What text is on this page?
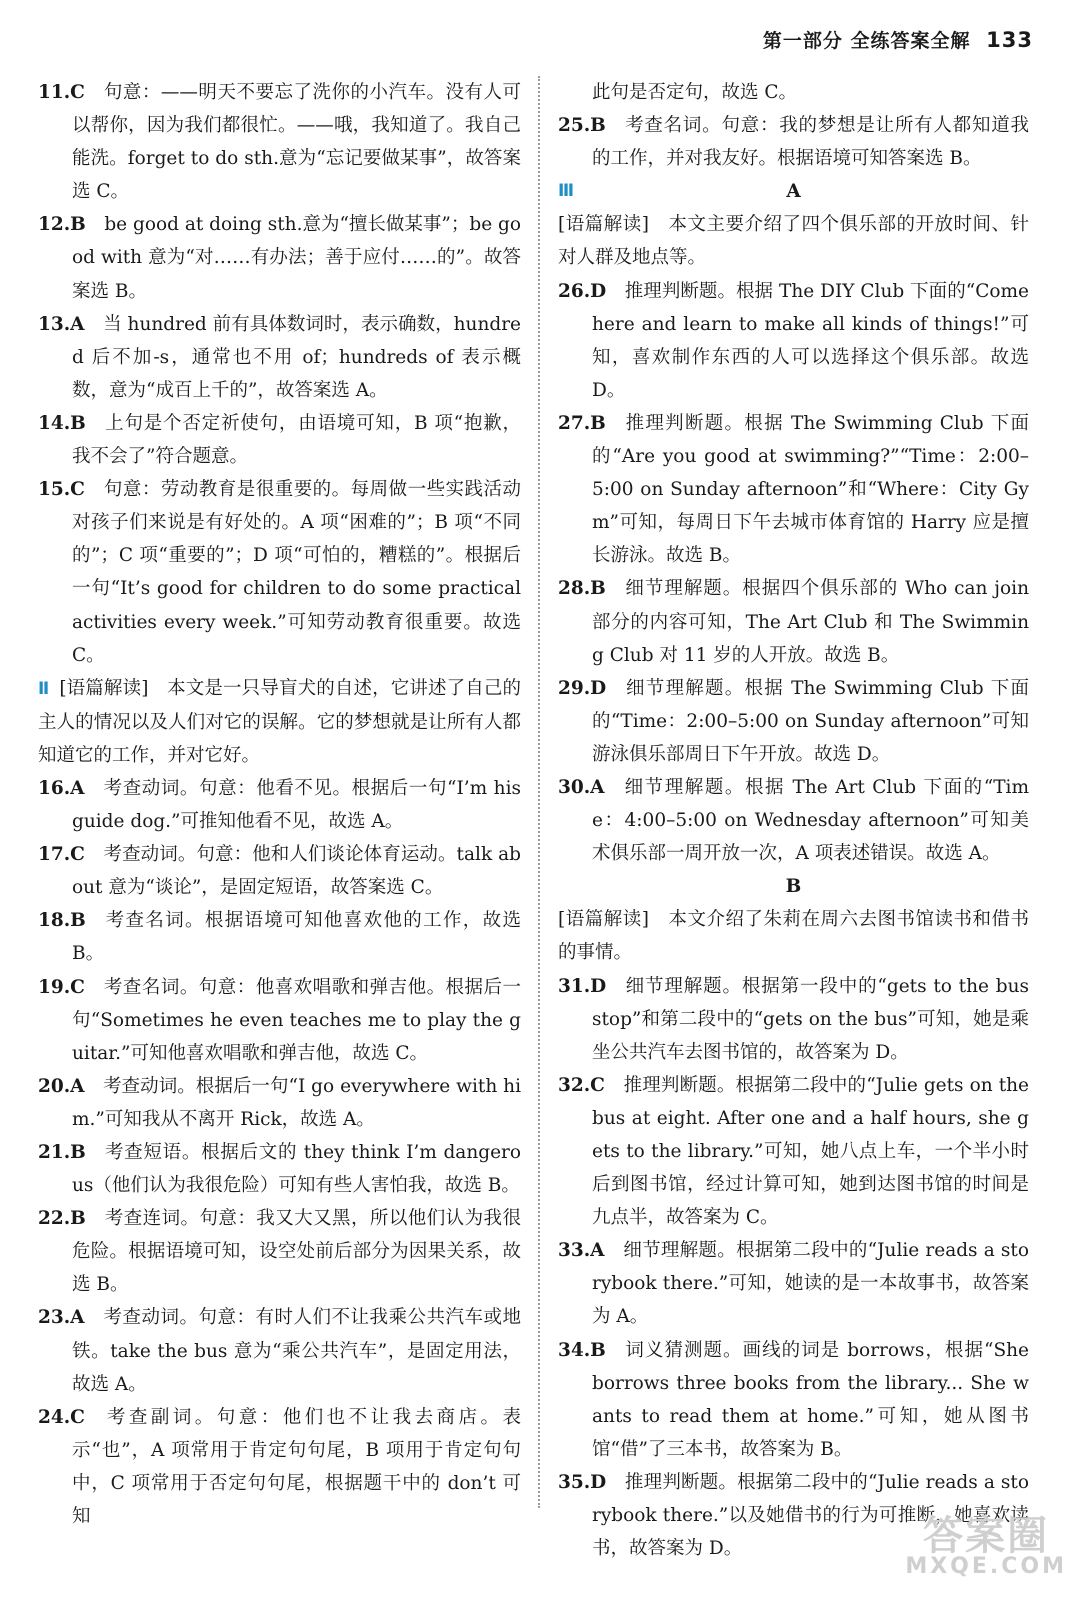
第一部分 全练答案全解 133
11.C  句意：——明天不要忘了洗你的小汽车。没有人可以帮你，因为我们都很忙。——哦，我知道了。我自己能洗。forget to do sth.意为“忘记要做某事”，故答案选 C。
12.B  be good at doing sth.意为“擅长做某事”；be good with 意为“对……有办法；善于应付……的”。故答案选 B。
13.A  当 hundred 前有具体数词时，表示确数，hundred 后不加-s，通常也不用 of；hundreds of 表示概数，意为“成百上千的”，故答案选 A。
14.B  上句是个否定祈使句，由语境可知，B 项“抱歉，我不会了”符合题意。
15.C  句意：劳动教育是很重要的。每周做一些实践活动对孩子们来说是有好处的。A 项“困难的”；B 项“不同的”；C 项“重要的”；D 项“可怕的，糟糕的”。根据后一句“It’s good for children to do some practical activities every week.”可知劳动教育很重要。故选 C。
Ⅱ [语篇解读]　本文是一只导盲犬的自述，它讲述了自己的主人的情况以及人们对它的误解。它的梦想就是让所有人都知道它的工作，并对它好。
16.A  考查动词。句意：他看不见。根据后一句“I’m his guide dog.”可推知他看不见，故选 A。
17.C  考查动词。句意：他和人们谈论体育运动。talk about 意为“谈论”，是固定短语，故答案选 C。
18.B  考查名词。根据语境可知他喜欢他的工作，故选 B。
19.C  考查名词。句意：他喜欢唱歌和弹吉他。根据后一句“Sometimes he even teaches me to play the guitar.”可知他喜欢唱歌和弹吉他，故选 C。
20.A  考查动词。根据后一句“I go everywhere with him.”可知我从不离开 Rick，故选 A。
21.B  考查短语。根据后文的 they think I’m dangerous（他们认为我很危险）可知有些人害怕我，故选 B。
22.B  考查连词。句意：我又大又黑，所以他们认为我很危险。根据语境可知，设空处前后部分为因果关系，故选 B。
23.A  考查动词。句意：有时人们不让我乘公共汽车或地铁。take the bus 意为“乘公共汽车”，是固定用法，故选 A。
24.C  考查副词。句意：他们也不让我去商店。表示“也”，A 项常用于肯定句句尾，B 项用于肯定句句中，C 项常用于否定句句尾，根据题干中的 don’t 可知
此句是否定句，故选 C。
25.B  考查名词。句意：我的梦想是让所有人都知道我的工作，并对我友好。根据语境可知答案选 B。
Ⅲ	A
[语篇解读]　本文主要介绍了四个俱乐部的开放时间、针对人群及地点等。
26.D  推理判断题。根据 The DIY Club 下面的“Come here and learn to make all kinds of things!”可知，喜欢制作东西的人可以选择这个俱乐部。故选 D。
27.B  推理判断题。根据 The Swimming Club 下面的“Are you good at swimming?”“Time：2:00–5:00 on Sunday afternoon”和“Where：City Gym”可知，每周日下午去城市体育馆的 Harry 应是擅长游泳。故选 B。
28.B  细节理解题。根据四个俱乐部的 Who can join 部分的内容可知，The Art Club 和 The Swimming Club 对 11 岁的人开放。故选 B。
29.D  细节理解题。根据 The Swimming Club 下面的“Time：2:00–5:00 on Sunday afternoon”可知游泳俱乐部周日下午开放。故选 D。
30.A  细节理解题。根据 The Art Club 下面的“Time：4:00–5:00 on Wednesday afternoon”可知美术俱乐部一周开放一次，A 项表述错误。故选 A。
B
[语篇解读]　本文介绍了朱莉在周六去图书馆读书和借书的事情。
31.D  细节理解题。根据第一段中的“gets to the bus stop”和第二段中的“gets on the bus”可知，她是乘坐公共汽车去图书馆的，故答案为 D。
32.C  推理判断题。根据第二段中的“Julie gets on the bus at eight. After one and a half hours, she gets to the library.”可知，她八点上车，一个半小时后到图书馆，经过计算可知，她到达图书馆的时间是九点半，故答案为 C。
33.A  细节理解题。根据第二段中的“Julie reads a storybook there.”可知，她读的是一本故事书，故答案为 A。
34.B  词义猜测题。画线的词是 borrows，根据“She borrows three books from the library... She wants to read them at home.”可知，她从图书馆“借”了三本书，故答案为 B。
35.D  推理判断题。根据第二段中的“Julie reads a storybook there.”以及她借书的行为可推断，她喜欢读书，故答案为 D。	答案圈
MXQE.COM
